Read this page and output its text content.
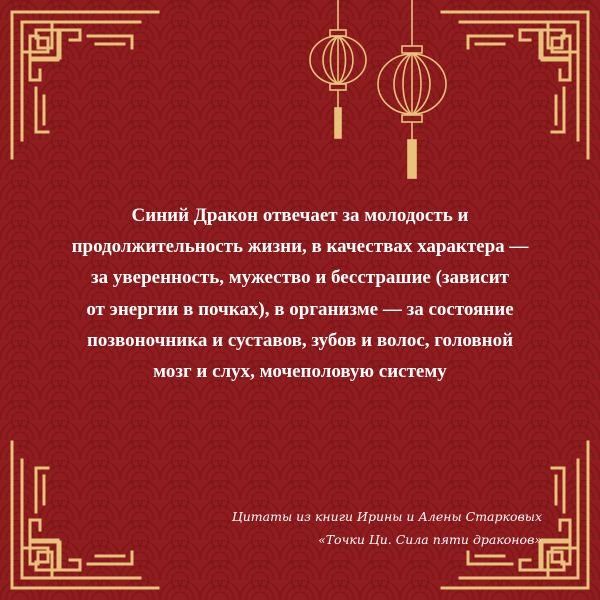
Синий Дракон отвечает за молодость и
продолжительность жизни, в качествах характера —
за уверенность, мужество и бесстрашие (зависит
от энергии в почках), в организме — за состояние
позвоночника и суставов, зубов и волос, головной
мозг и слух, мочеполовую систему
Цитаты из книги Ирины и Алены Старковых
«Точки Ци. Сила пяти драконов»
